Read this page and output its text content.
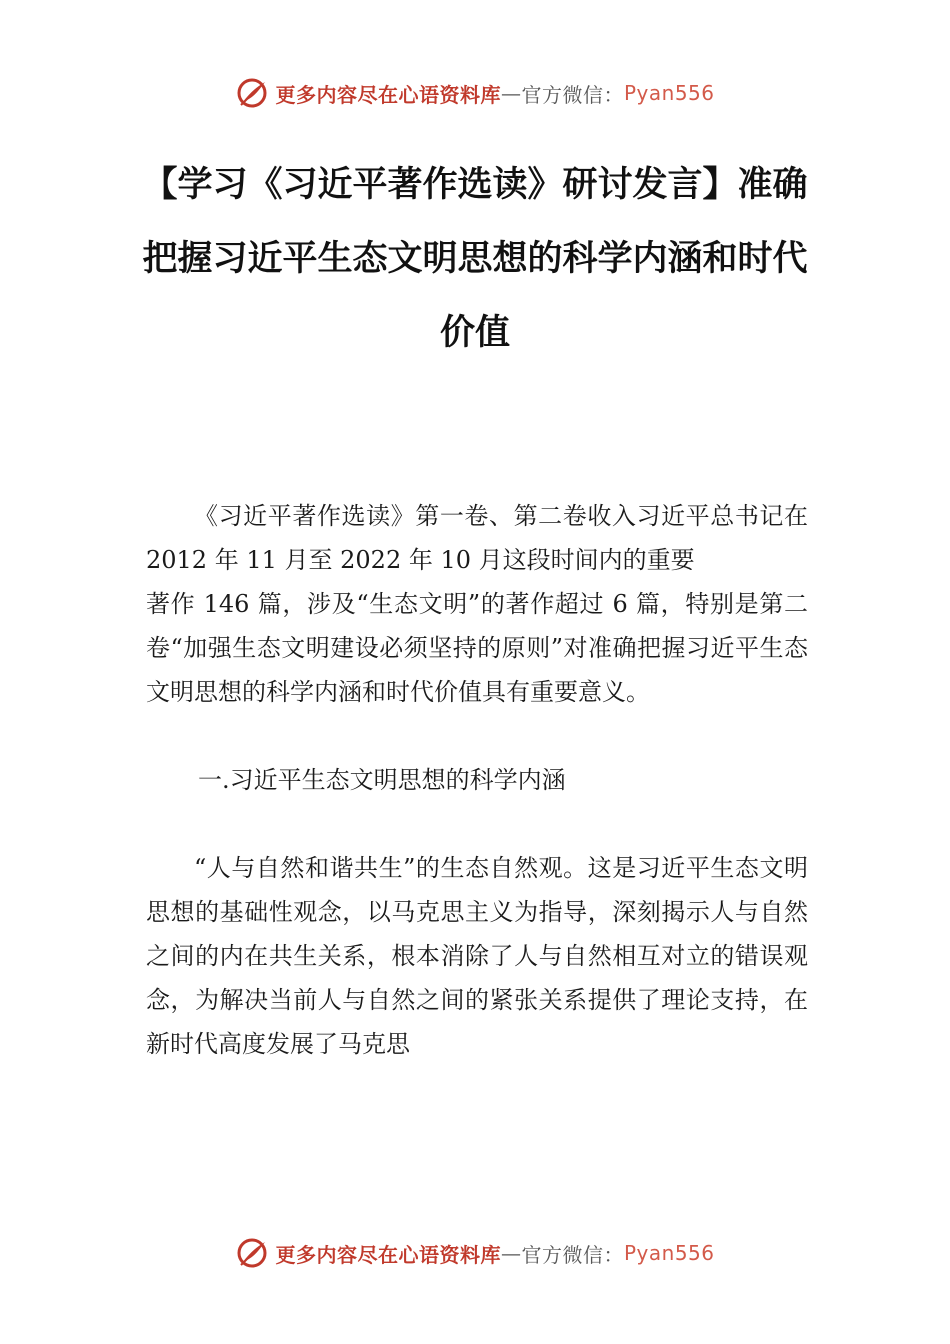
更多内容尽在心语资料库 — 官方微信： Pyan556
【学习《习近平著作选读》研讨发言】准确把握习近平生态文明思想的科学内涵和时代价值

《习近平著作选读》第一卷、第二卷收入习近平总书记在 2012 年 11 月至 2022 年 10 月这段时间内的重要

著作 146 篇，涉及“生态文明”的著作超过 6 篇，特别是第二卷“加强生态文明建设必须坚持的原则”对准确把握习近平生态文明思想的科学内涵和时代价值具有重要意义。

一.习近平生态文明思想的科学内涵

“人与自然和谐共生”的生态自然观。这是习近平生态文明思想的基础性观念，以马克思主义为指导，深刻揭示人与自然之间的内在共生关系，根本消除了人与自然相互对立的错误观念，为解决当前人与自然之间的紧张关系提供了理论支持，在新时代高度发展了马克思

更多内容尽在心语资料库 — 官方微信： Pyan556
